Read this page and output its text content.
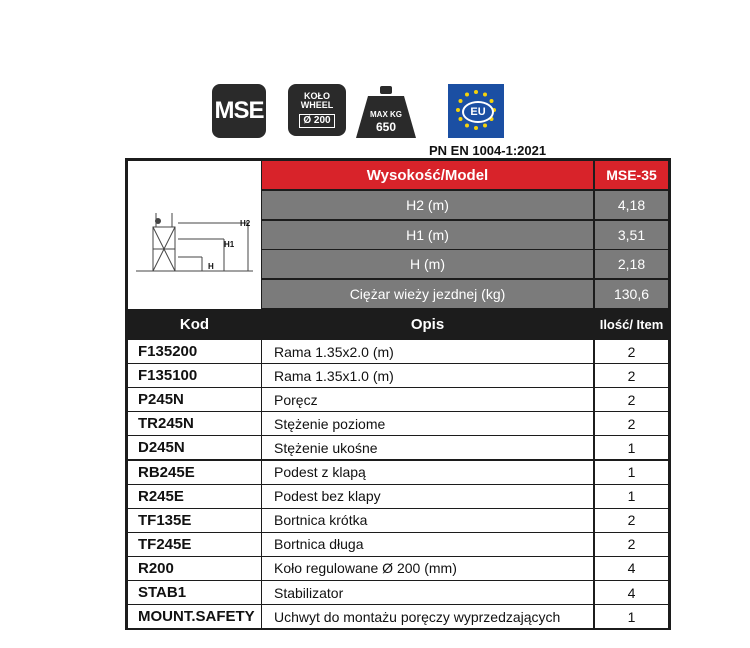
MSE
KOŁO
WHEEL
Ø 200
MAX KG
650
EU
PN EN 1004-1:2021
H2
H1
H
Wysokość/Model	MSE-35
H2 (m)	4,18
H1 (m)	3,51
H (m)	2,18
Ciężar wieży jezdnej (kg)	130,6
Kod	Opis	Ilość/ Item
F135200	Rama 1.35x2.0 (m)	2
F135100	Rama 1.35x1.0 (m)	2
P245N	Poręcz	2
TR245N	Stężenie poziome	2
D245N	Stężenie ukośne	1
RB245E	Podest z klapą	1
R245E	Podest bez klapy	1
TF135E	Bortnica krótka	2
TF245E	Bortnica długa	2
R200	Koło regulowane Ø 200 (mm)	4
STAB1	Stabilizator	4
MOUNT.SAFETY	Uchwyt do montażu poręczy wyprzedzających	1
